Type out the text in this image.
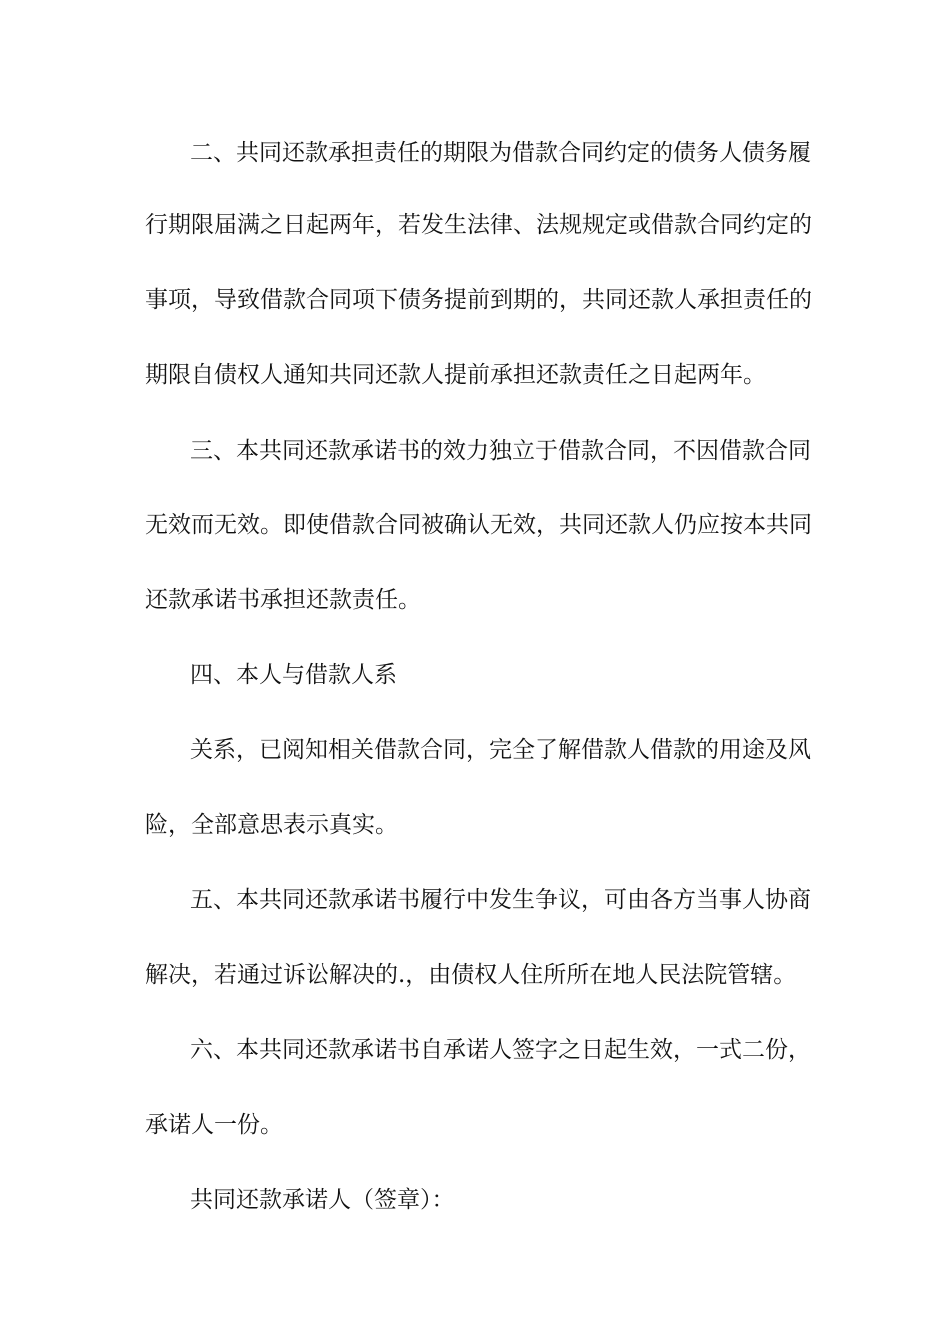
二、共同还款承担责任的期限为借款合同约定的债务人债务履
行期限届满之日起两年，若发生法律、法规规定或借款合同约定的
事项，导致借款合同项下债务提前到期的，共同还款人承担责任的
期限自债权人通知共同还款人提前承担还款责任之日起两年。
三、本共同还款承诺书的效力独立于借款合同，不因借款合同
无效而无效。即使借款合同被确认无效，共同还款人仍应按本共同
还款承诺书承担还款责任。
四、本人与借款人系
关系，已阅知相关借款合同，完全了解借款人借款的用途及风
险，全部意思表示真实。
五、本共同还款承诺书履行中发生争议，可由各方当事人协商
解决，若通过诉讼解决的.，由债权人住所所在地人民法院管辖。
六、本共同还款承诺书自承诺人签字之日起生效，一式二份，
承诺人一份。
共同还款承诺人（签章）：
